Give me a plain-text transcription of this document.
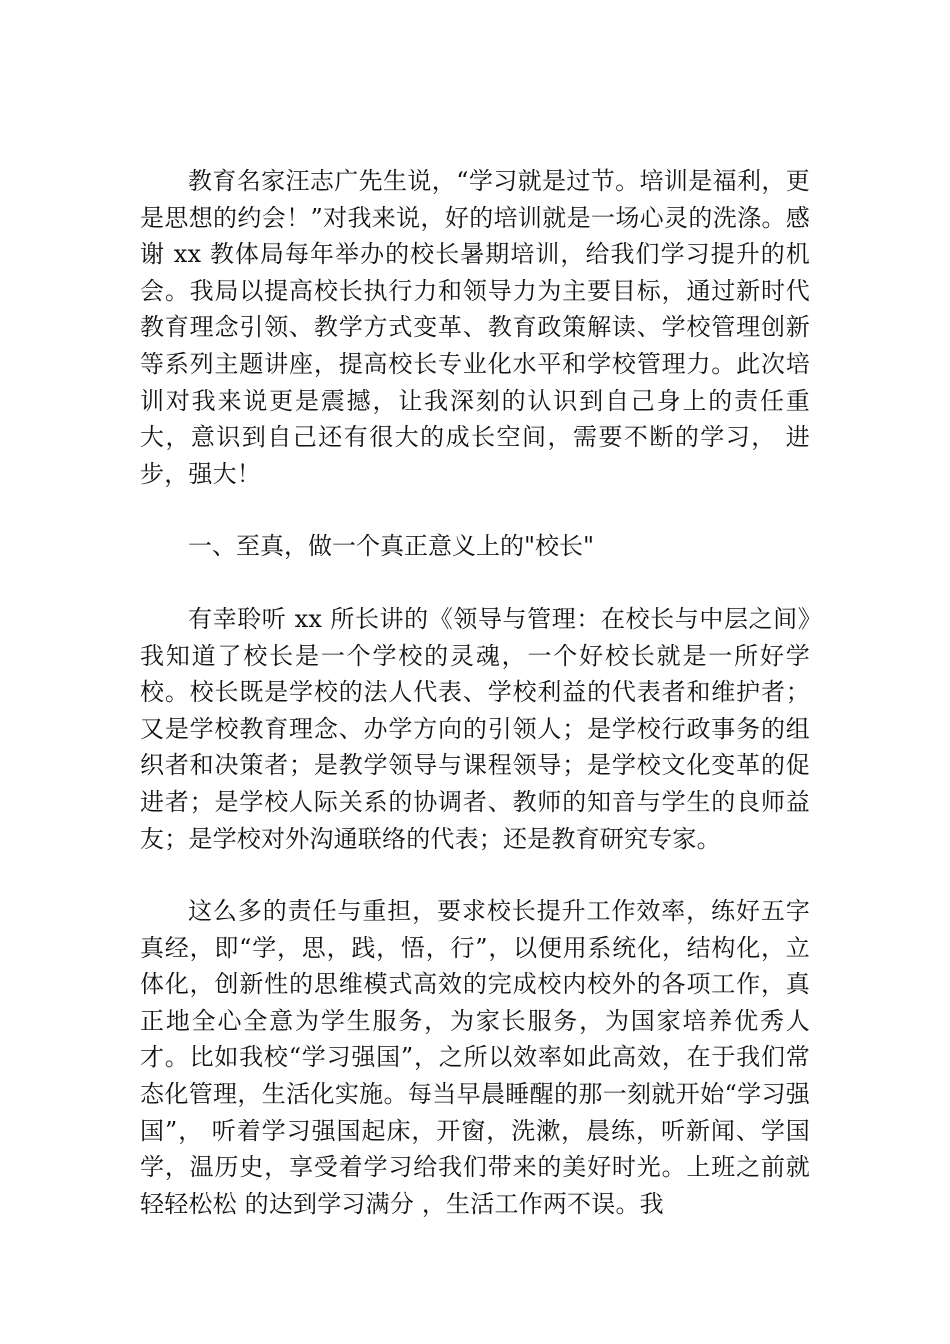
教育名家汪志广先生说，“学习就是过节。培训是福利，更是思想的约会！”对我来说，好的培训就是一场心灵的洗涤。感谢 xx 教体局每年举办的校长暑期培训，给我们学习提升的机会。我局以提高校长执行力和领导力为主要目标，通过新时代教育理念引领、教学方式变革、教育政策解读、学校管理创新等系列主题讲座，提高校长专业化水平和学校管理力。此次培训对我来说更是震撼，让我深刻的认识到自己身上的责任重大，意识到自己还有很大的成长空间，需要不断的学习， 进步，强大！

一、至真，做一个真正意义上的"校长"

有幸聆听 xx 所长讲的《领导与管理：在校长与中层之间》我知道了校长是一个学校的灵魂，一个好校长就是一所好学校。校长既是学校的法人代表、学校利益的代表者和维护者；又是学校教育理念、办学方向的引领人；是学校行政事务的组织者和决策者；是教学领导与课程领导；是学校文化变革的促进者；是学校人际关系的协调者、教师的知音与学生的良师益友；是学校对外沟通联络的代表；还是教育研究专家。

这么多的责任与重担，要求校长提升工作效率，练好五字真经，即“学，思，践，悟，行”，以便用系统化，结构化，立体化，创新性的思维模式高效的完成校内校外的各项工作，真正地全心全意为学生服务，为家长服务，为国家培养优秀人才。比如我校“学习强国”，之所以效率如此高效，在于我们常态化管理，生活化实施。每当早晨睡醒的那一刻就开始“学习强国”， 听着学习强国起床，开窗，洗漱，晨练，听新闻、学国学，温历史，享受着学习给我们带来的美好时光。上班之前就轻轻松松 的达到学习满分 ，生活工作两不误。我
